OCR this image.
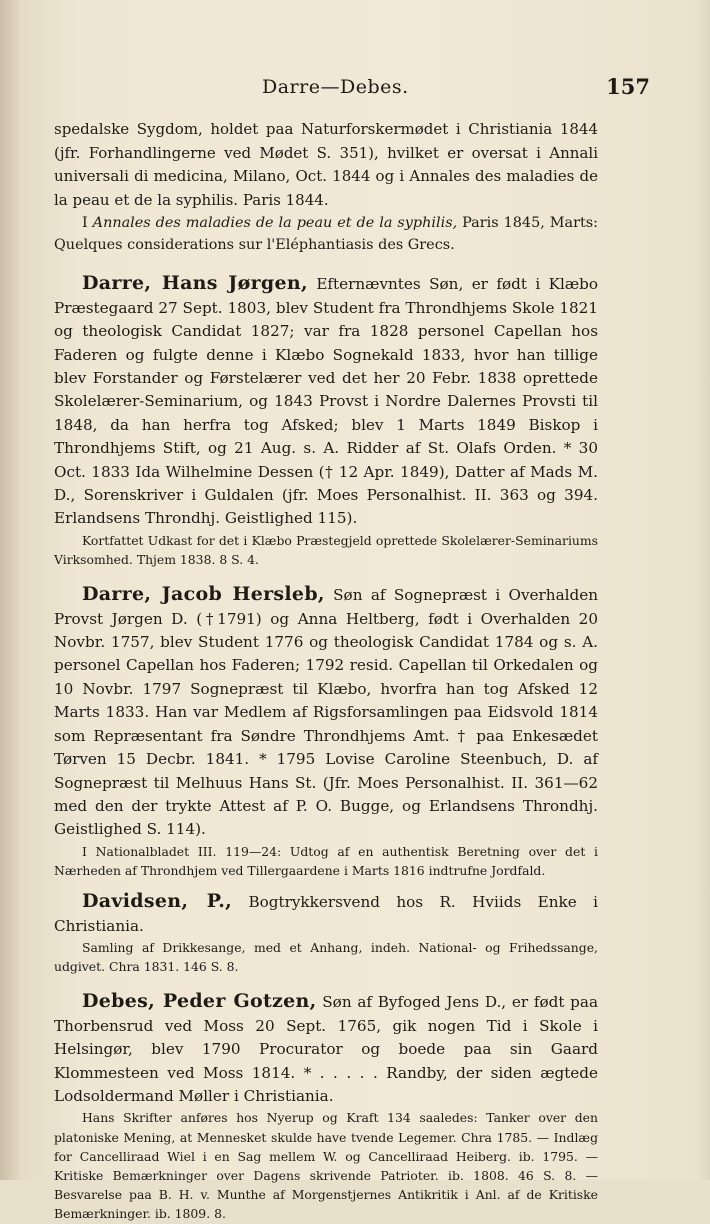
Darre—Debes.	157

spedalske Sygdom, holdet paa Naturforskermødet i Christiania 1844 (jfr. Forhandlingerne ved Mødet S. 351), hvilket er oversat i Annali universali di medicina, Milano, Oct. 1844 og i Annales des maladies de la peau et de la syphilis. Paris 1844.

I Annales des maladies de la peau et de la syphilis, Paris 1845, Marts: Quelques considerations sur l'Eléphantiasis des Grecs.

Darre, Hans Jørgen, Efternævntes Søn, er født i Klæbo Præstegaard 27 Sept. 1803, blev Student fra Throndhjems Skole 1821 og theologisk Candidat 1827; var fra 1828 personel Capellan hos Faderen og fulgte denne i Klæbo Sognekald 1833, hvor han tillige blev Forstander og Førstelærer ved det her 20 Febr. 1838 oprettede Skolelærer-Seminarium, og 1843 Provst i Nordre Dalernes Provsti til 1848, da han herfra tog Afsked; blev 1 Marts 1849 Biskop i Throndhjems Stift, og 21 Aug. s. A. Ridder af St. Olafs Orden. * 30 Oct. 1833 Ida Wilhelmine Dessen († 12 Apr. 1849), Datter af Mads M. D., Sorenskriver i Guldalen (jfr. Moes Personalhist. II. 363 og 394. Erlandsens Throndhj. Geistlighed 115).

Kortfattet Udkast for det i Klæbo Præstegjeld oprettede Skolelærer-Seminariums Virksomhed. Thjem 1838. 8 S. 4.

Darre, Jacob Hersleb, Søn af Sognepræst i Overhalden Provst Jørgen D. (†1791) og Anna Heltberg, født i Overhalden 20 Novbr. 1757, blev Student 1776 og theologisk Candidat 1784 og s. A. personel Capellan hos Faderen; 1792 resid. Capellan til Orkedalen og 10 Novbr. 1797 Sognepræst til Klæbo, hvorfra han tog Afsked 12 Marts 1833. Han var Medlem af Rigsforsamlingen paa Eidsvold 1814 som Repræsentant fra Søndre Throndhjems Amt. † paa Enkesædet Tørven 15 Decbr. 1841. * 1795 Lovise Caroline Steenbuch, D. af Sognepræst til Melhuus Hans St. (Jfr. Moes Personalhist. II. 361—62 med den der trykte Attest af P. O. Bugge, og Erlandsens Throndhj. Geistlighed S. 114).

I Nationalbladet III. 119—24: Udtog af en authentisk Beretning over det i Nærheden af Throndhjem ved Tillergaardene i Marts 1816 indtrufne Jordfald.

Davidsen, P., Bogtrykkersvend hos R. Hviids Enke i Christiania.

Samling af Drikkesange, med et Anhang, indeh. National- og Frihedssange, udgivet. Chra 1831. 146 S. 8.

Debes, Peder Gotzen, Søn af Byfoged Jens D., er født paa Thorbensrud ved Moss 20 Sept. 1765, gik nogen Tid i Skole i Helsingør, blev 1790 Procurator og boede paa sin Gaard Klommesteen ved Moss 1814. * . . . . . Randby, der siden ægtede Lodsoldermand Møller i Christiania.

Hans Skrifter anføres hos Nyerup og Kraft 134 saaledes: Tanker over den platoniske Mening, at Mennesket skulde have tvende Legemer. Chra 1785. — Indlæg for Cancelliraad Wiel i en Sag mellem W. og Cancelliraad Heiberg. ib. 1795. — Kritiske Bemærkninger over Dagens skrivende Patrioter. ib. 1808. 46 S. 8. — Besvarelse paa B. H. v. Munthe af Morgenstjernes Antikritik i Anl. af de Kritiske Bemærkninger. ib. 1809. 8.
